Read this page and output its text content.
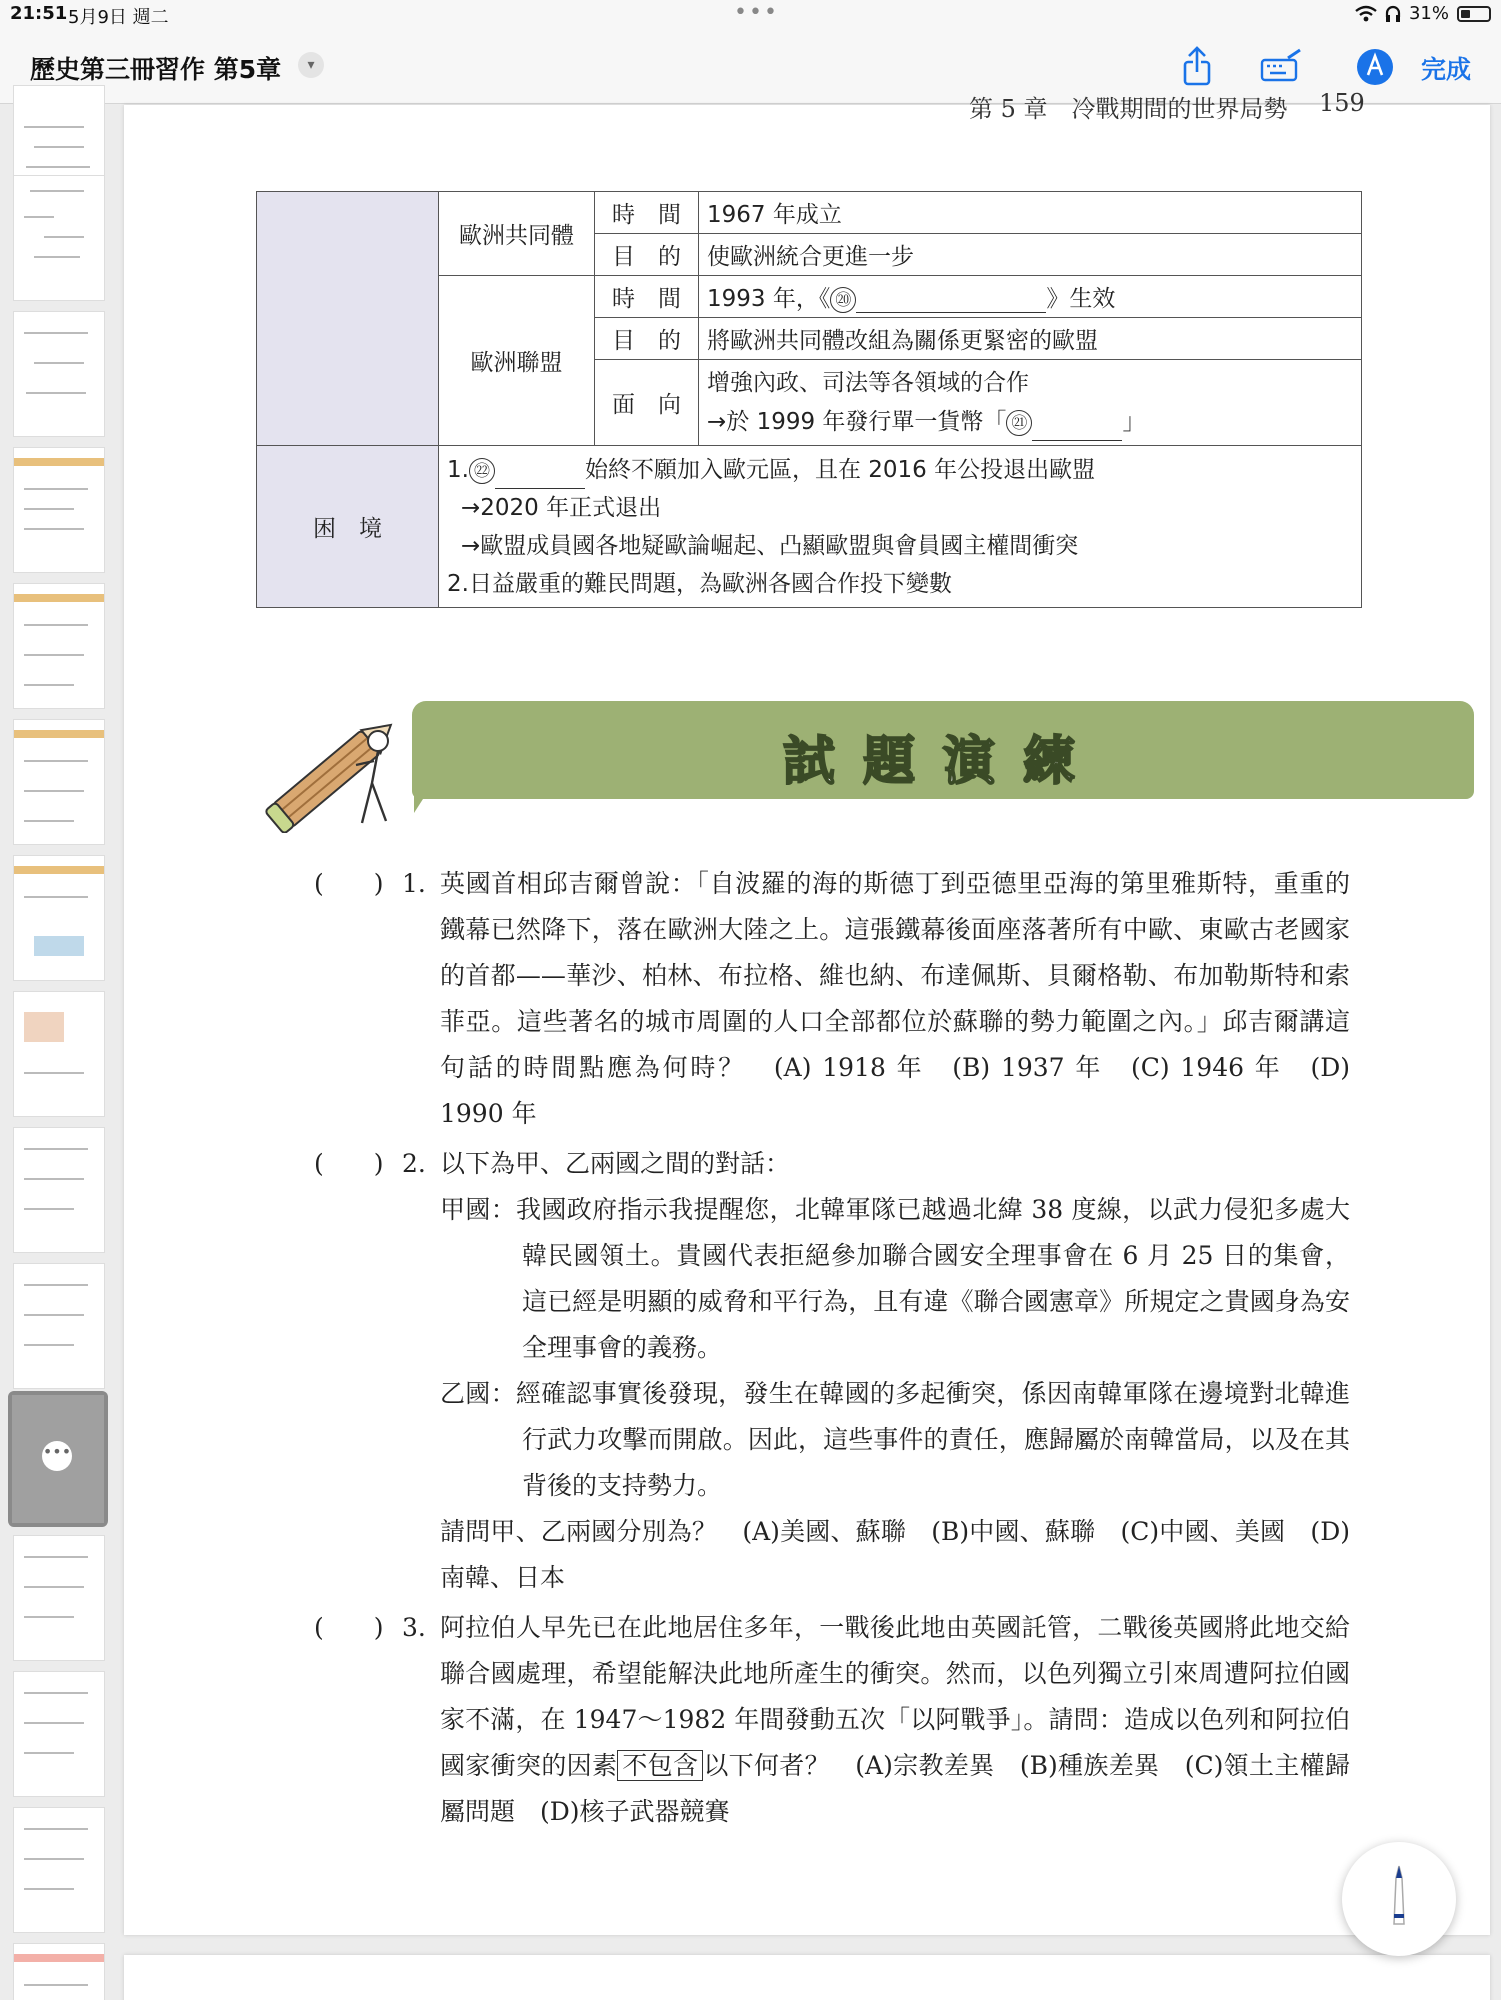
21:51 5月9日 週二	•••	31%
歷史第三冊習作 第5章	▾	完成
•••
第 5 章　冷戰期間的世界局勢 159
	歐洲共同體	時　間	1967 年成立
		目　的	使歐洲統合更進一步
	歐洲聯盟	時　間	1993 年，《 ⑳ 》生效
		目　的	將歐洲共同體改組為關係更緊密的歐盟
		面　向	增強內政、司法等各領域的合作
→於 1999 年發行單一貨幣「 ㉑ 」

困　境	1. ㉒ 始終不願加入歐元區，且在 2016 年公投退出歐盟
→2020 年正式退出
→歐盟成員國各地疑歐論崛起、凸顯歐盟與會員國主權間衝突
2.日益嚴重的難民問題，為歐洲各國合作投下變數		
試題演練
(　　) 1. 英國首相邱吉爾曾說：「自波羅的海的斯德丁到亞德里亞海的第里雅斯特，重重的鐵幕已然降下，落在歐洲大陸之上。這張鐵幕後面座落著所有中歐、東歐古老國家的首都——華沙、柏林、布拉格、維也納、布達佩斯、貝爾格勒、布加勒斯特和索菲亞。這些著名的城市周圍的人口全部都位於蘇聯的勢力範圍之內。」邱吉爾講這句話的時間點應為何時？　(A) 1918 年　(B) 1937 年　(C) 1946 年　(D) 1990 年
(　　) 2. 以下為甲、乙兩國之間的對話：

甲國：我國政府指示我提醒您，北韓軍隊已越過北緯 38 度線，以武力侵犯多處大韓民國領土。貴國代表拒絕參加聯合國安全理事會在 6 月 25 日的集會，這已經是明顯的威脅和平行為，且有違《聯合國憲章》所規定之貴國身為安全理事會的義務。

乙國：經確認事實後發現，發生在韓國的多起衝突，係因南韓軍隊在邊境對北韓進行武力攻擊而開啟。因此，這些事件的責任，應歸屬於南韓當局，以及在其背後的支持勢力。

請問甲、乙兩國分別為？　(A)美國、蘇聯　(B)中國、蘇聯　(C)中國、美國　(D)南韓、日本

(　　) 3. 阿拉伯人早先已在此地居住多年，一戰後此地由英國託管，二戰後英國將此地交給聯合國處理，希望能解決此地所產生的衝突。然而，以色列獨立引來周遭阿拉伯國家不滿，在 1947～1982 年間發動五次「以阿戰爭」。請問：造成以色列和阿拉伯國家衝突的因素 不包含 以下何者？　(A)宗教差異　(B)種族差異　(C)領土主權歸屬問題　(D)核子武器競賽
